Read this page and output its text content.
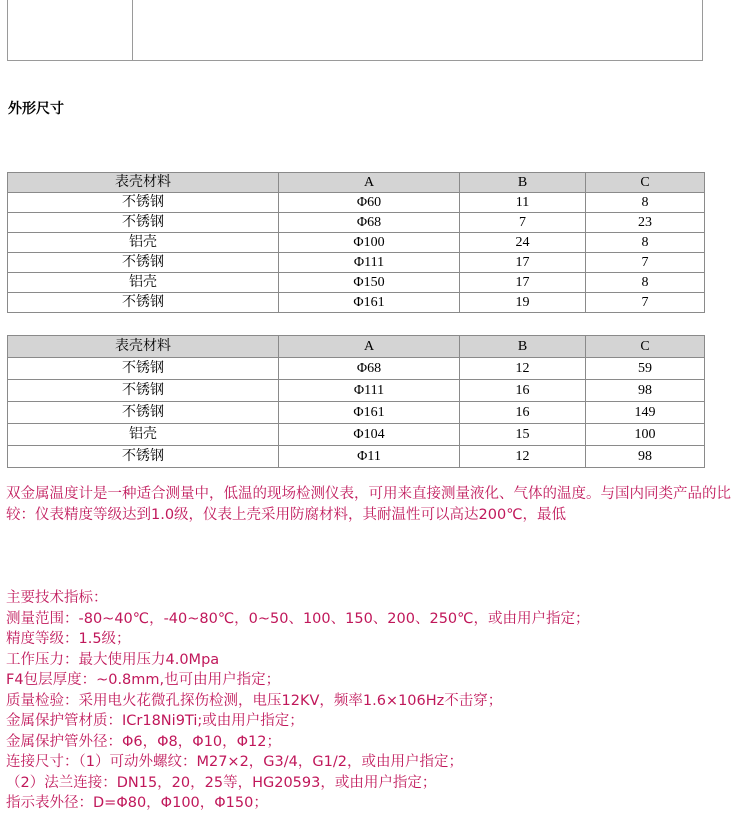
外形尺寸
表壳材料	A	B	C
不锈钢	Φ60	11	8
不锈钢	Φ68	7	23
铝壳	Φ100	24	8
不锈钢	Φ111	17	7
铝壳	Φ150	17	8
不锈钢	Φ161	19	7
表壳材料	A	B	C
不锈钢	Φ68	12	59
不锈钢	Φ111	16	98
不锈钢	Φ161	16	149
铝壳	Φ104	15	100
不锈钢	Φ11	12	98
双金属温度计是一种适合测量中，低温的现场检测仪表，可用来直接测量液化、气体的温度。与国内同类产品的比较：仪表精度等级达到1.0级，仪表上壳采用防腐材料，其耐温性可以高达200℃，最低
主要技术指标：
测量范围：-80~40℃，-40~80℃，0~50、100、150、200、250℃，或由用户指定；
精度等级：1.5级；
工作压力：最大使用压力4.0Mpa
F4包层厚度：~0.8mm,也可由用户指定；
质量检验：采用电火花微孔探伤检测，电压12KV，频率1.6×106Hz不击穿；
金属保护管材质：ICr18Ni9Ti;或由用户指定；
金属保护管外径：Φ6，Φ8，Φ10，Φ12；
连接尺寸：（1）可动外螺纹：M27×2，G3/4，G1/2，或由用户指定；
（2）法兰连接：DN15，20，25等，HG20593，或由用户指定；
指示表外径：D=Φ80，Φ100，Φ150；
